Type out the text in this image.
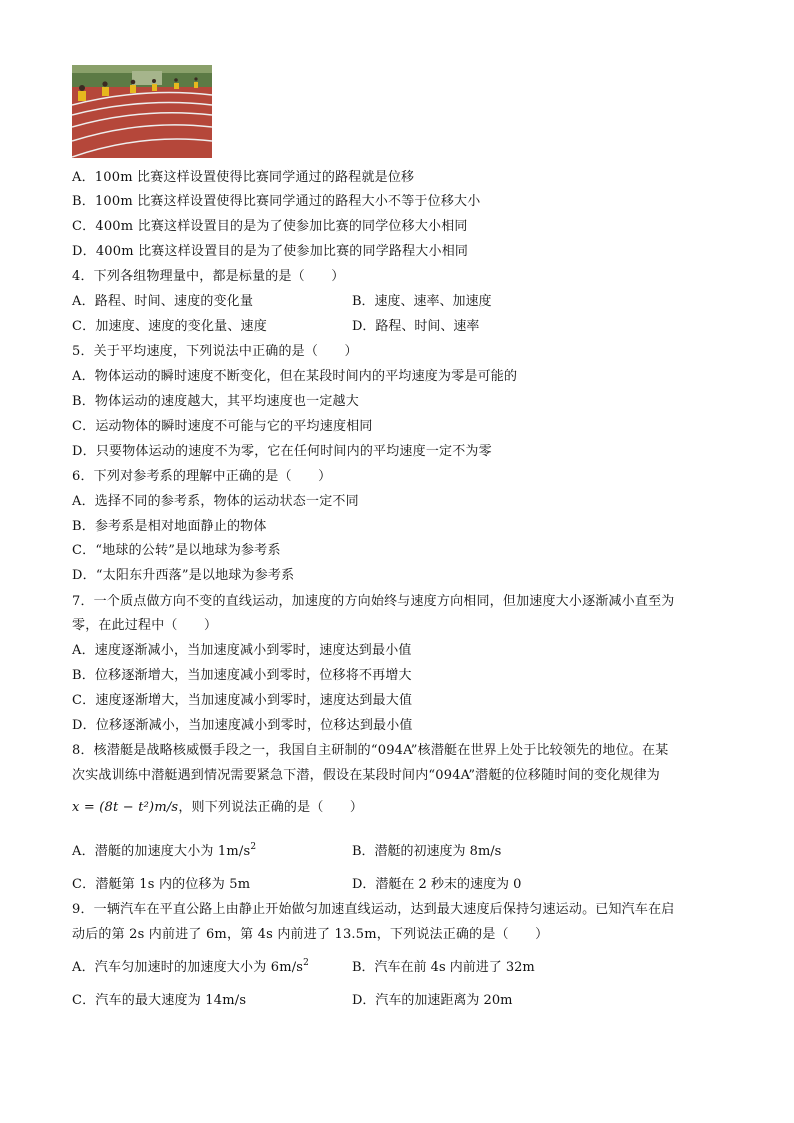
A．100m 比赛这样设置使得比赛同学通过的路程就是位移
B．100m 比赛这样设置使得比赛同学通过的路程大小不等于位移大小
C．400m 比赛这样设置目的是为了使参加比赛的同学位移大小相同
D．400m 比赛这样设置目的是为了使参加比赛的同学路程大小相同
4．下列各组物理量中，都是标量的是（　　）
A．路程、时间、速度的变化量	B．速度、速率、加速度
C．加速度、速度的变化量、速度	D．路程、时间、速率
5．关于平均速度，下列说法中正确的是（　　）
A．物体运动的瞬时速度不断变化，但在某段时间内的平均速度为零是可能的
B．物体运动的速度越大，其平均速度也一定越大
C．运动物体的瞬时速度不可能与它的平均速度相同
D．只要物体运动的速度不为零，它在任何时间内的平均速度一定不为零
6．下列对参考系的理解中正确的是（　　）
A．选择不同的参考系，物体的运动状态一定不同
B．参考系是相对地面静止的物体
C．“地球的公转”是以地球为参考系
D．“太阳东升西落”是以地球为参考系
7．一个质点做方向不变的直线运动，加速度的方向始终与速度方向相同，但加速度大小逐渐减小直至为
零，在此过程中（　　）
A．速度逐渐减小，当加速度减小到零时，速度达到最小值
B．位移逐渐增大，当加速度减小到零时，位移将不再增大
C．速度逐渐增大，当加速度减小到零时，速度达到最大值
D．位移逐渐减小，当加速度减小到零时，位移达到最小值
8．核潜艇是战略核威慑手段之一，我国自主研制的“094A”核潜艇在世界上处于比较领先的地位。在某
次实战训练中潜艇遇到情况需要紧急下潜，假设在某段时间内“094A”潜艇的位移随时间的变化规律为
x = (8t − t²)m/s，则下列说法正确的是（　　）
A．潜艇的加速度大小为 $1m/s^2$	B．潜艇的初速度为 8m/s
C．潜艇第 1s 内的位移为 5m	D．潜艇在 2 秒末的速度为 0
9．一辆汽车在平直公路上由静止开始做匀加速直线运动，达到最大速度后保持匀速运动。已知汽车在启
动后的第 2s 内前进了 6m，第 4s 内前进了 13.5m，下列说法正确的是（　　）
A．汽车匀加速时的加速度大小为 $6m/s^2$	B．汽车在前 4s 内前进了 32m
C．汽车的最大速度为 14m/s	D．汽车的加速距离为 20m
